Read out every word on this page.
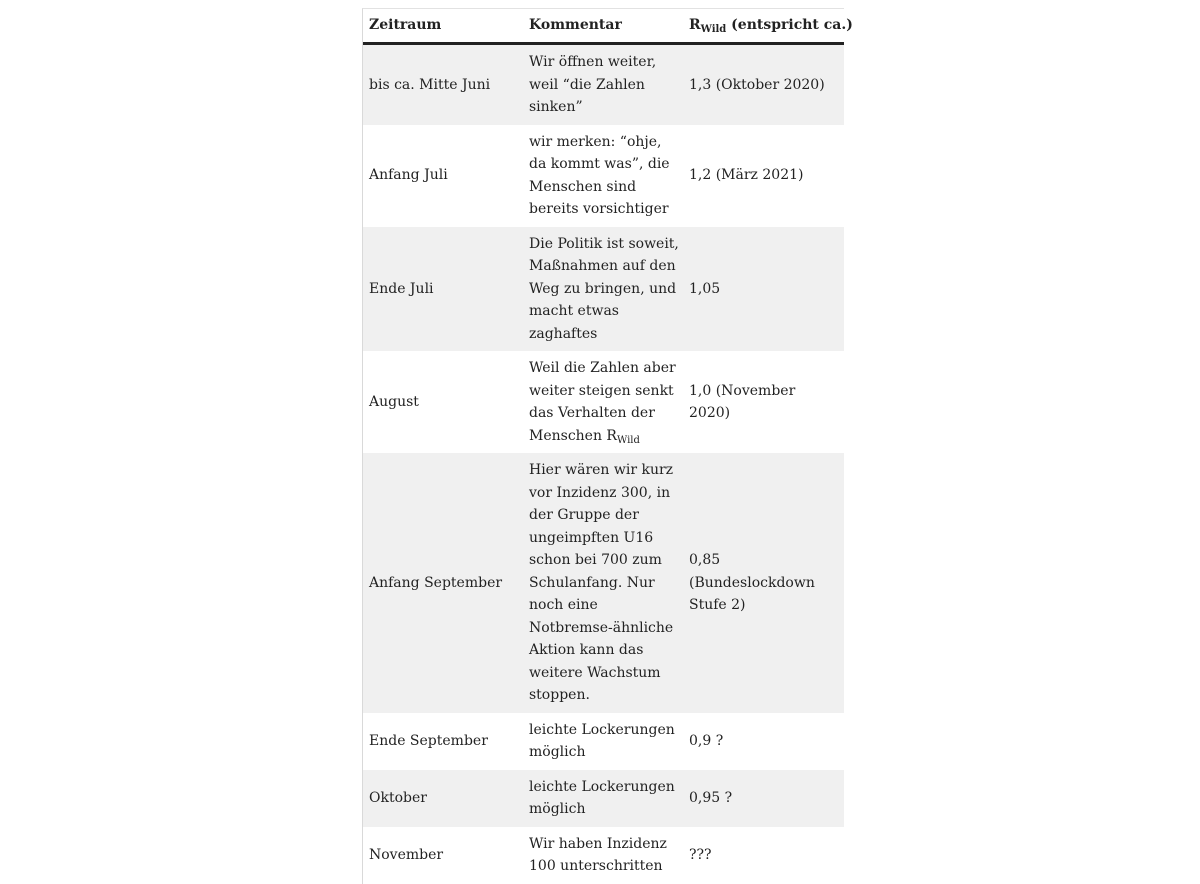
Zeitraum	Kommentar	$R_{Wild}$ (entspricht ca.)
bis ca. Mitte Juni	Wir öffnen weiter, weil “die Zahlen sinken”	1,3 (Oktober 2020)
Anfang Juli	wir merken: “ohje, da kommt was”, die Menschen sind bereits vorsichtiger	1,2 (März 2021)
Ende Juli	Die Politik ist soweit, Maßnahmen auf den Weg zu bringen, und macht etwas zaghaftes	1,05
August	Weil die Zahlen aber weiter steigen senkt das Verhalten der Menschen $R_{Wild}$	1,0 (November 2020)
Anfang September	Hier wären wir kurz vor Inzidenz 300, in der Gruppe der ungeimpften U16 schon bei 700 zum Schulanfang. Nur noch eine Notbremse-ähnliche Aktion kann das weitere Wachstum stoppen.	0,85 (Bundeslockdown Stufe 2)
Ende September	leichte Lockerungen möglich	0,9 ?
Oktober	leichte Lockerungen möglich	0,95 ?
November	Wir haben Inzidenz 100 unterschritten	???
